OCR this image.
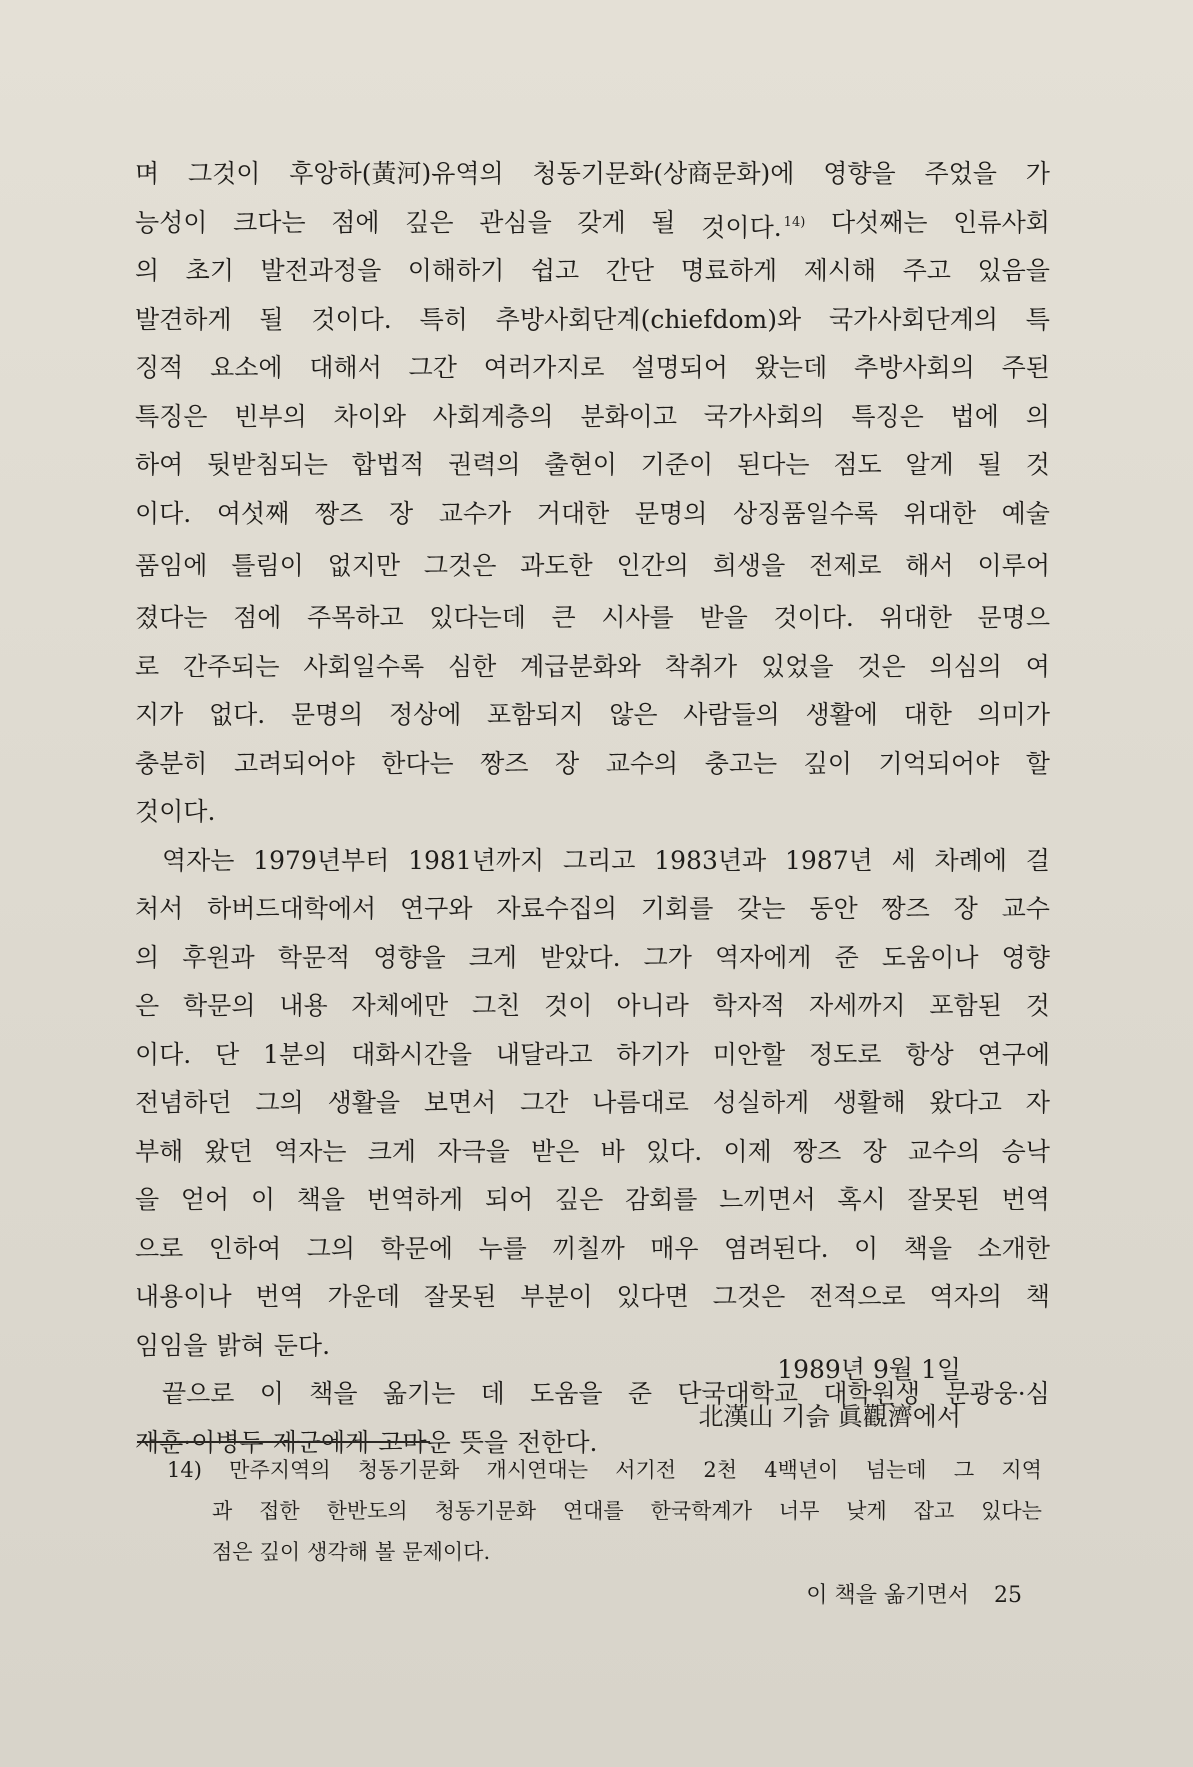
며 그것이 후앙하(黃河)유역의 청동기문화(상商문화)에 영향을 주었을 가
능성이 크다는 점에 깊은 관심을 갖게 될 것이다. $^{14)}$ 다섯째는 인류사회
의 초기 발전과정을 이해하기 쉽고 간단 명료하게 제시해 주고 있음을
발견하게 될 것이다. 특히 추방사회단계(chiefdom)와 국가사회단계의 특
징적 요소에 대해서 그간 여러가지로 설명되어 왔는데 추방사회의 주된
특징은 빈부의 차이와 사회계층의 분화이고 국가사회의 특징은 법에 의
하여 뒷받침되는 합법적 권력의 출현이 기준이 된다는 점도 알게 될 것
이다. 여섯째 짱즈 장 교수가 거대한 문명의 상징품일수록 위대한 예술
품임에 틀림이 없지만 그것은 과도한 인간의 희생을 전제로 해서 이루어
졌다는 점에 주목하고 있다는데 큰 시사를 받을 것이다. 위대한 문명으
로 간주되는 사회일수록 심한 계급분화와 착취가 있었을 것은 의심의 여
지가 없다. 문명의 정상에 포함되지 않은 사람들의 생활에 대한 의미가
충분히 고려되어야 한다는 짱즈 장 교수의 충고는 깊이 기억되어야 할
것이다.
역자는 1979년부터 1981년까지 그리고 1983년과 1987년 세 차례에 걸
처서 하버드대학에서 연구와 자료수집의 기회를 갖는 동안 짱즈 장 교수
의 후원과 학문적 영향을 크게 받았다. 그가 역자에게 준 도움이나 영향
은 학문의 내용 자체에만 그친 것이 아니라 학자적 자세까지 포함된 것
이다. 단 1분의 대화시간을 내달라고 하기가 미안할 정도로 항상 연구에
전념하던 그의 생활을 보면서 그간 나름대로 성실하게 생활해 왔다고 자
부해 왔던 역자는 크게 자극을 받은 바 있다. 이제 짱즈 장 교수의 승낙
을 얻어 이 책을 번역하게 되어 깊은 감회를 느끼면서 혹시 잘못된 번역
으로 인하여 그의 학문에 누를 끼칠까 매우 염려된다. 이 책을 소개한
내용이나 번역 가운데 잘못된 부분이 있다면 그것은 전적으로 역자의 책
임임을 밝혀 둔다.
끝으로 이 책을 옮기는 데 도움을 준 단국대학교 대학원생 문광웅·심
재훈·이병두 제군에게 고마운 뜻을 전한다.
1989년 9월 1일
北漢山 기슭 眞觀濟에서
14) 만주지역의 청동기문화 개시연대는 서기전 2천 4백년이 넘는데 그 지역
과 접한 한반도의 청동기문화 연대를 한국학계가 너무 낮게 잡고 있다는
점은 깊이 생각해 볼 문제이다.
이 책을 옮기면서 25
